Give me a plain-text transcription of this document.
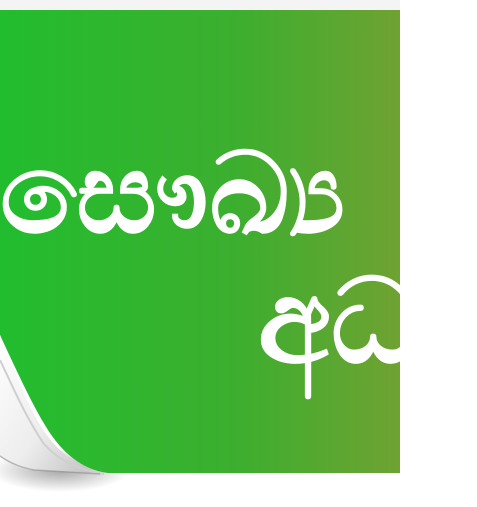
සෞඛ්‍ය
අධ්‍ය
